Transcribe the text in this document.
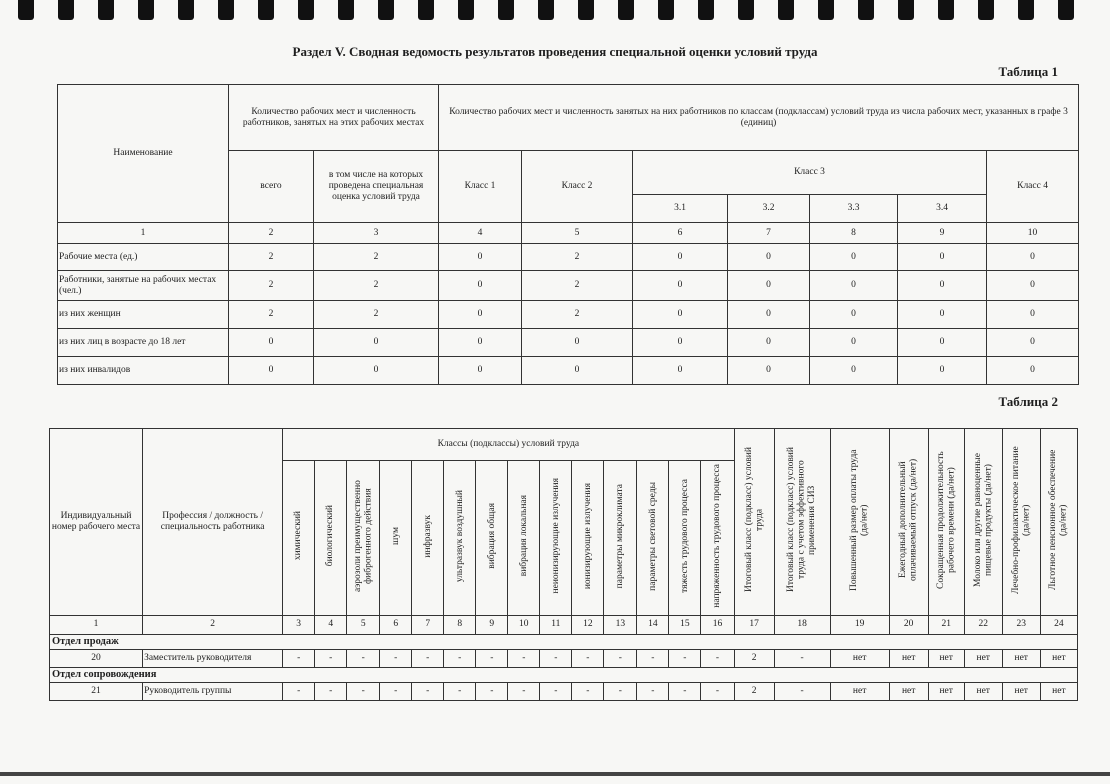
Раздел V. Сводная ведомость результатов проведения специальной оценки условий труда
Таблица 1
Наименование	Количество рабочих мест и численность работников, занятых на этих рабочих местах		Количество рабочих мест и численность занятых на них работников по классам (подклассам) условий труда из числа рабочих мест, указанных в графе 3 (единиц)						
	всего	в том числе на которых проведена специальная оценка условий труда	Класс 1	Класс 2	Класс 3				Класс 4
					3.1	3.2	3.3	3.4	
1	2	3	4	5	6	7	8	9	10
Рабочие места (ед.)	2	2	0	2	0	0	0	0	0
Работники, занятые на рабочих местах (чел.)	2	2	0	2	0	0	0	0	0
из них женщин	2	2	0	2	0	0	0	0	0
из них лиц в возрасте до 18 лет	0	0	0	0	0	0	0	0	0
из них инвалидов	0	0	0	0	0	0	0	0	0
Таблица 2
Индивидуальный номер рабочего места	Профессия / должность / специальность работника	Классы (подклассы) условий труда														Итоговый класс (подкласс) условий труда	Итоговый класс (подкласс) условий труда с учетом эффективного применения СИЗ	Повышенный размер оплаты труда (да/нет)	Ежегодный дополнительный оплачиваемый отпуск (да/нет)	Сокращенная продолжительность рабочего времени (да/нет)	Молоко или другие равноценные пищевые продукты (да/нет)	Лечебно-профилактическое питание (да/нет)	Льготное пенсионное обеспечение (да/нет)
		химический	биологический	аэрозоли преимущественно фиброгенного действия	шум	инфразвук	ультразвук воздушный	вибрация общая	вибрация локальная	неионизирующие излучения	ионизирующие излучения	параметры микроклимата	параметры световой среды	тяжесть трудового процесса	напряженность трудового процесса								
1	2	3	4	5	6	7	8	9	10	11	12	13	14	15	16	17	18	19	20	21	22	23	24
Отдел продаж																							
20	Заместитель руководителя	-	-	-	-	-	-	-	-	-	-	-	-	-	-	2	-	нет	нет	нет	нет	нет	нет
Отдел сопровождения																							
21	Руководитель группы	-	-	-	-	-	-	-	-	-	-	-	-	-	-	2	-	нет	нет	нет	нет	нет	нет
